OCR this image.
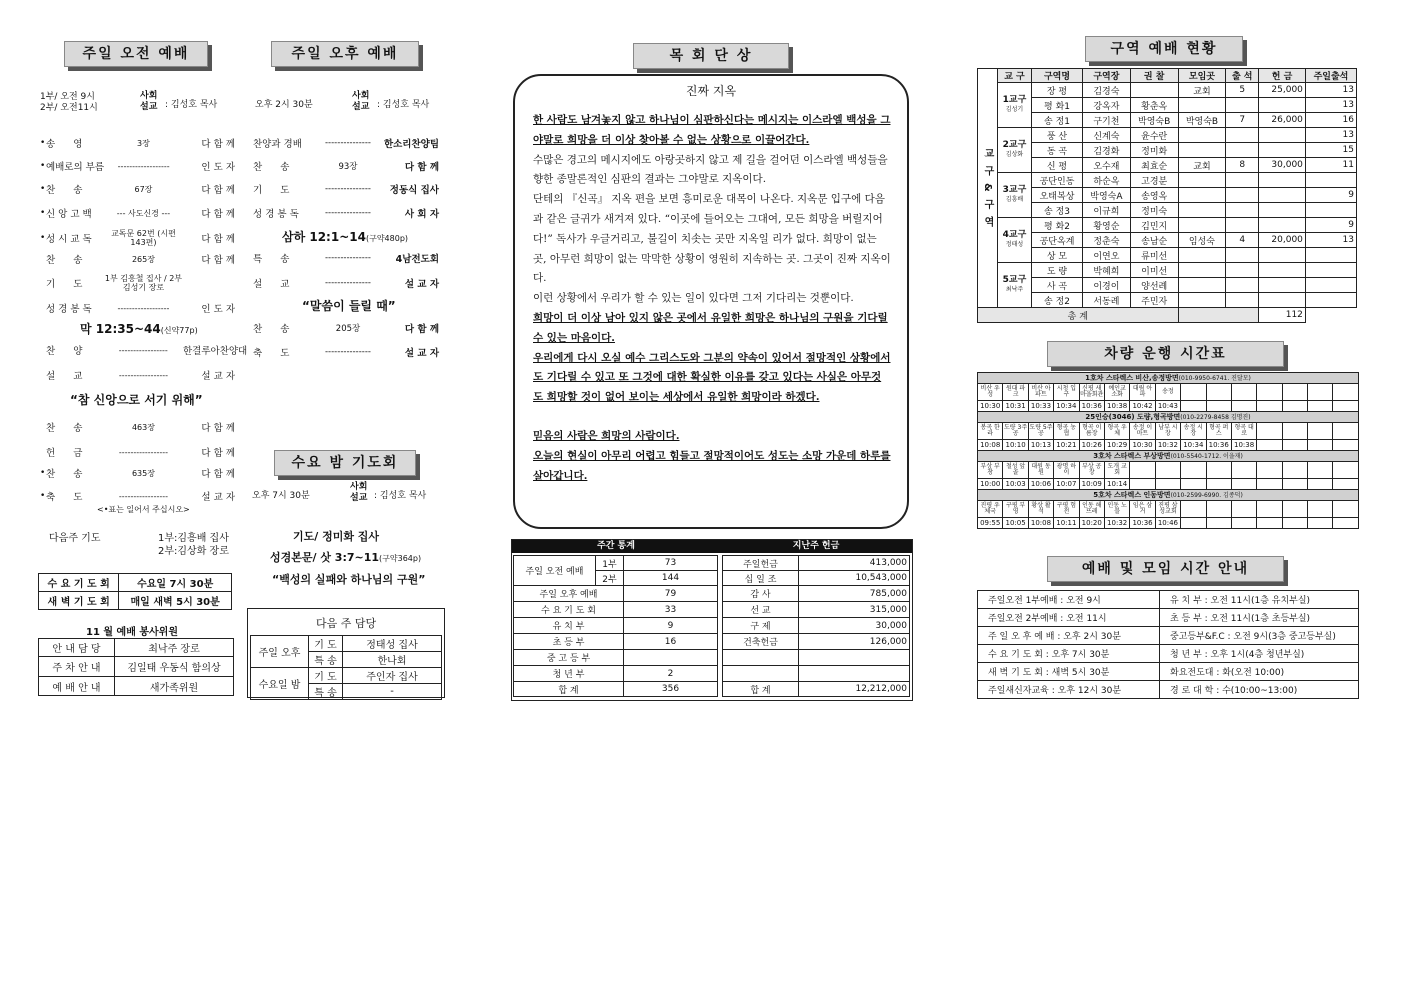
주일 오전 예배	주일 오후 예배
1부/ 오전 9시
2부/ 오전11시
사회
설교 : 김성호 목사
• 송      영	3장	다 함 께
• 예배로의 부름	------------------	인 도 자
• 찬      송	67장	다 함 께
• 신 앙 고 백	--- 사도신경 ---	다 함 께
• 성 시 교 독
교독문 62번 (시편 143편)	다 함 께
찬      송	265장	다 함 께
기      도
1부 김흥철 집사 / 2부 김성기 장로
성 경 봉 독	------------------	인 도 자
찬      양	-----------------	한결루아찬양대
설      교	-----------------	설 교 자
찬      송	463장	다 함 께
헌      금	-----------------	다 함 께
• 찬      송	635장	다 함 께
• 축      도	-----------------	설 교 자
막 12:35~44(신약77p)
“참 신앙으로 서기 위해”
<•표는 일어서 주십시오>
다음주 기도	1부:김흥배 집사
2부:김상화 장로
수 요 기 도 회	수요일 7시 30분
새 벽 기 도 회	매일 새벽 5시 30분
11 월 예배 봉사위원
안 내 담 당	최낙주 장로
주 차 안 내	김일태 우동식 함의상
예 배 안 내	새가족위원
오후 2시 30분
사회
설교 : 김성호 목사
찬양과 경배	---------------	한소리찬양팀
찬      송	93장	다 함 께
기      도	---------------	정동식 집사
성 경 봉 독	---------------	사 회 자
특      송	---------------	4남전도회
설      교	---------------	설 교 자
찬      송	205장	다 함 께
축      도	---------------	설 교 자
삼하 12:1~14(구약480p)
“말씀이 들릴 때”
수요 밤 기도회
오후 7시 30분
사회
설교 : 김성호 목사
기도/ 정미화 집사
성경본문/ 삿 3:7~11(구약364p)
“백성의 실패와 하나님의 구원”
다음 주 담당
주일 오후	기 도	정태성 집사
	특 송	한나회
수요일 밤	기 도	주인자 집사
	특 송	-
목 회 단 상
진짜 지옥
한 사람도 남겨놓지 않고 하나님이 심판하신다는 메시지는 이스라엘 백성을 그야말로 희망을 더 이상 찾아볼 수 없는 상황으로 이끌어간다.
수많은 경고의 메시지에도 아랑곳하지 않고 제 길을 걸어던 이스라엘 백성들을 향한 종말론적인 심판의 결과는 그야말로 지옥이다.
단테의 『신곡』 지옥 편을 보면 흥미로운 대목이 나온다. 지옥문 입구에 다음과 같은 글귀가 새겨져 있다. “이곳에 들어오는 그대여, 모든 희망을 버릴지어다!” 독사가 우글거리고, 불길이 치솟는 곳만 지옥일 리가 없다. 희망이 없는 곳, 아무런 희망이 없는 막막한 상황이 영원히 지속하는 곳. 그곳이 진짜 지옥이다.
이런 상황에서 우리가 할 수 있는 일이 있다면 그저 기다리는 것뿐이다.
희망이 더 이상 남아 있지 않은 곳에서 유일한 희망은 하나님의 구원을 기다릴 수 있는 마음이다.
우리에게 다시 오실 예수 그리스도와 그분의 약속이 있어서 절망적인 상황에서도 기다릴 수 있고 또 그것에 대한 확실한 이유를 갖고 있다는 사실은 아무것도 희망할 것이 없어 보이는 세상에서 유일한 희망이라 하겠다.
믿음의 사람은 희망의 사람이다.
오늘의 현실이 아무리 어렵고 힘들고 절망적이어도 성도는 소망 가운데 하루를 살아갑니다.
주간 통계	지난주 헌금
주일 오전 예배	1부	73
	2부	144
주일 오후 예배		79
수 요 기 도 회		33
유 치 부		9
초 등 부		16
중 고 등 부		
청 년 부		2
합 계		356
주일헌금	413,000
십 일 조	10,543,000
감 사	785,000
선 교	315,000
구 제	30,000
건축헌금	126,000

합 계	12,212,000
구역 예배 현황
교 구 & 구 역	교 구	구역명	구역장	권 찰	모임곳	출 석	헌 금	주일출석

	1교구
김성기	장 평	김경숙		교회	5	25,000	13
		평 화1	강옥자	황춘옥				13
		송 정1	구기천	박영숙B	박영숙B	7	26,000	16

	2교구
김상화	풍 산	신계숙	윤수란				13
		동 곡	김경화	정미화				15
		신 평	오수재	최효순	교회	8	30,000	11

	3교구
김흥배	공단인동	하순옥	고경분				
		오태복상	박영숙A	송영옥				9
		송 정3	이규희	정미숙				

	4교구
정태성	평 화2	황영순	김민지				9
		공단옥계	정춘숙	송남순	임성숙	4	20,000	13
		상 모	이연오	류미선				

	5교구
최낙주	도 량	박혜희	이미선				
		사 곡	이경이	양선례				
		송 정2	서동례	주민자				
총 계							112	
차량 운행 시간표
1호차 스타렉스 비산,송정방면(010-9950-6741. 진달모)														
비산 우성	원대 파크	비산 아파트	시청 입구	신평 새마을회관	예인교 소화	대림 아파	송정							
10:30	10:31	10:33	10:34	10:36	10:38	10:42	10:43							
25인승(3046) 도량,형곡방면(010-2279-8458 김명진)														
봉곡 한라	도량 3주공	도량 5주공	형곡 농협	형곡 이름장	형곡 우체	송정 이마트	남부 시장	송정 시장	형곡 퍼스	형곡 대로				
10:08	10:10	10:13	10:21	10:26	10:29	10:30	10:32	10:34	10:36	10:38				
3호차 스타렉스 부상방면(010-5540-1712. 이을재)														
부상 부창	철성 앞골	대원 동원	광명 하이	부상 공장	도개 교회									
10:00	10:03	10:06	10:07	10:09	10:14									
5호차 스타렉스 인동방면(010-2599-6990. 김종덕)														
진평 우체국	구평 부영	황상 활석	구평 험전	인동 해뜨레	인동 노블	임은 삼거	진평 삼성교회							
09:55	10:05	10:08	10:11	10:20	10:32	10:36	10:46							
예배 및 모임 시간 안내
주일오전 1부예배 : 오전 9시	유 치 부 : 오전 11시(1층 유치부실)
주일오전 2부예배 : 오전 11시	초 등 부 : 오전 11시(1층 초등부실)
주 일 오 후 예 배 : 오후 2시 30분	중고등부&F.C : 오전 9시(3층 중고등부실)
수 요 기 도 회 : 오후 7시 30분	청 년 부 : 오후 1시(4층 청년부실)
새 벽 기 도 회 : 새벽 5시 30분	화요전도대 : 화(오전 10:00)
주일새신자교육 : 오후 12시 30분	경 로 대 학 : 수(10:00~13:00)
